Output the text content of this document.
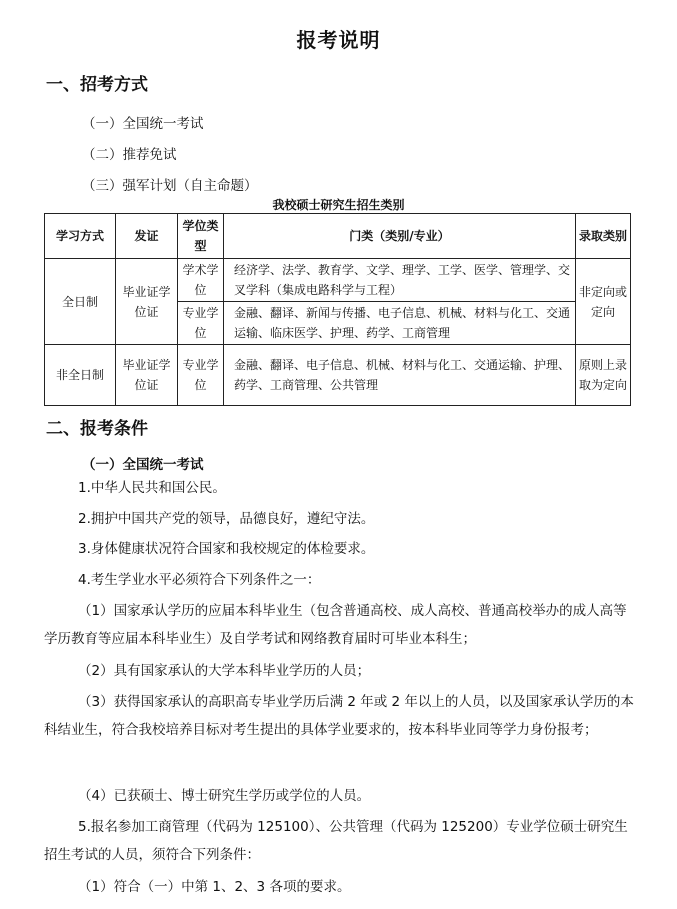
报考说明
一、招考方式
（一）全国统一考试
（二）推荐免试
（三）强军计划（自主命题）
我校硕士研究生招生类别
学习方式	发证	学位类型	门类（类别/专业）	录取类别
全日制	毕业证学位证	学术学位	经济学、法学、教育学、文学、理学、工学、医学、管理学、交叉学科（集成电路科学与工程）	非定向或定向
		专业学位	金融、翻译、新闻与传播、电子信息、机械、材料与化工、交通运输、临床医学、护理、药学、工商管理	
非全日制	毕业证学位证	专业学位	金融、翻译、电子信息、机械、材料与化工、交通运输、护理、药学、工商管理、公共管理	原则上录取为定向
二、报考条件
（一）全国统一考试
1.中华人民共和国公民。
2.拥护中国共产党的领导，品德良好，遵纪守法。
3.身体健康状况符合国家和我校规定的体检要求。
4.考生学业水平必须符合下列条件之一：
（1）国家承认学历的应届本科毕业生（包含普通高校、成人高校、普通高校举办的成人高等学历教育等应届本科毕业生）及自学考试和网络教育届时可毕业本科生；
（2）具有国家承认的大学本科毕业学历的人员；
（3）获得国家承认的高职高专毕业学历后满 2 年或 2 年以上的人员，以及国家承认学历的本科结业生，符合我校培养目标对考生提出的具体学业要求的，按本科毕业同等学力身份报考；
（4）已获硕士、博士研究生学历或学位的人员。
5.报名参加工商管理（代码为 125100）、公共管理（代码为 125200）专业学位硕士研究生招生考试的人员，须符合下列条件：
（1）符合（一）中第 1、2、3 各项的要求。
